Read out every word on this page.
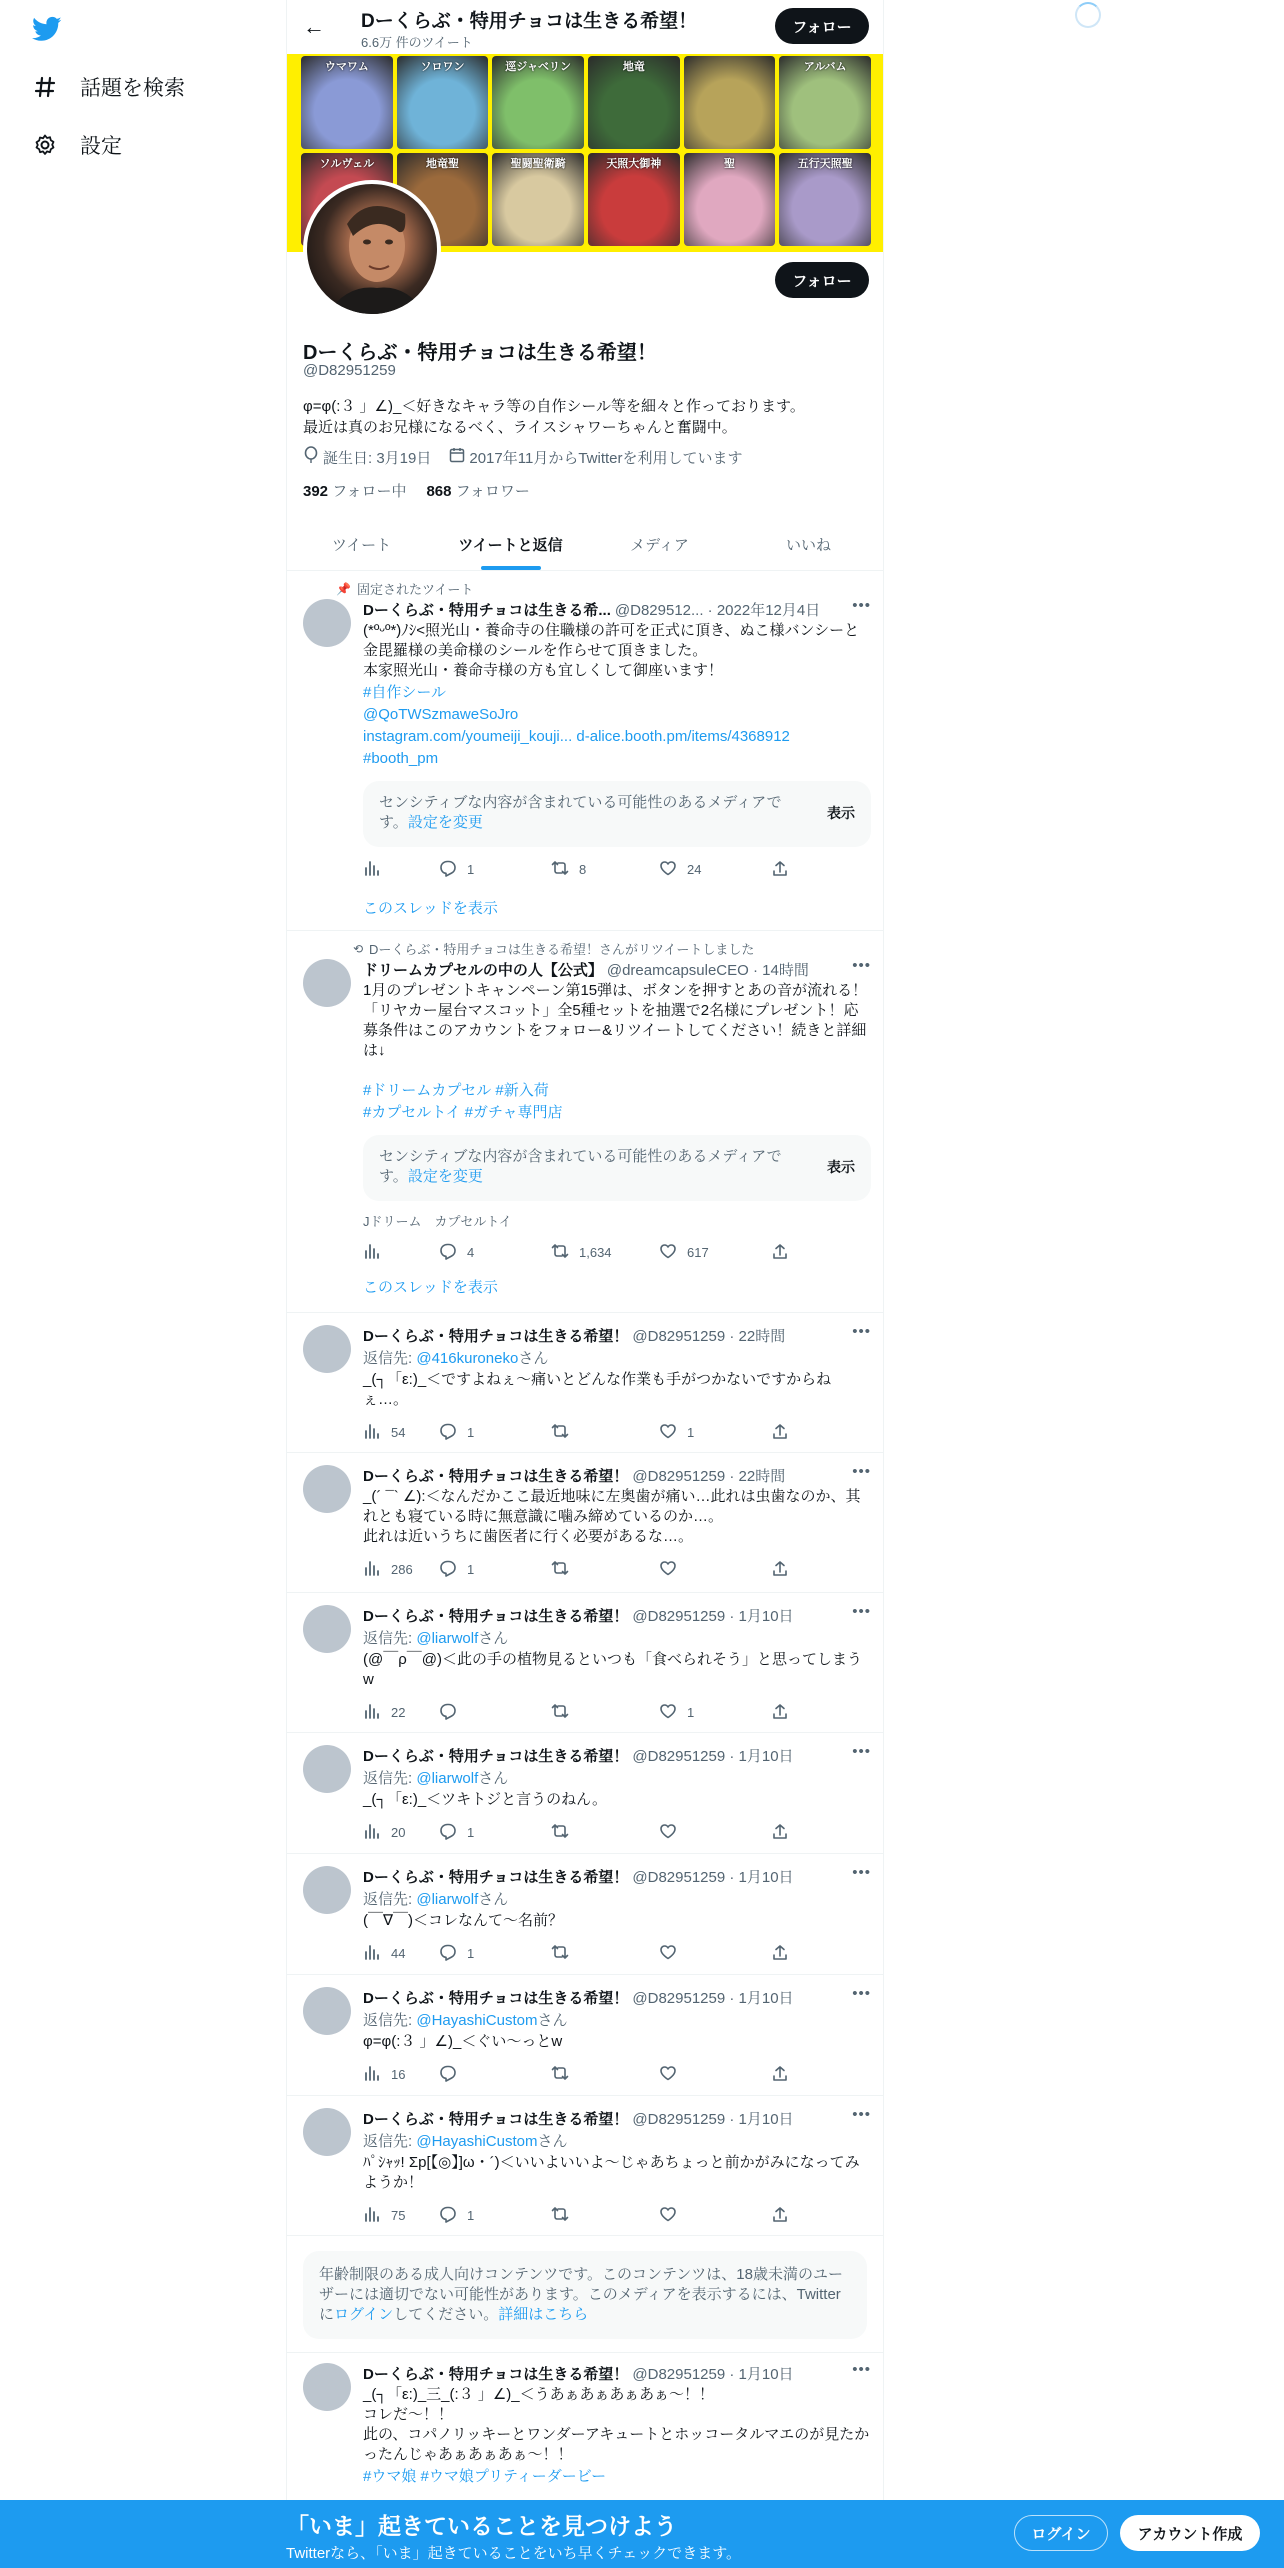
話題を検索
設定
← Dーくらぶ・特用チョコは生きる希望！
6.6万 件のツイート
フォロー
ウマワム	ソロワン	逕ジャベリン	地竜	アルバム
ソルヴェル	地竜聖	聖闘聖衛騎	天照大御神	聖	五行天照聖
フォロー
Dーくらぶ・特用チョコは生きる希望！
@D82951259
φ=φ(:３ 」∠)_＜好きなキャラ等の自作シール等を細々と作っております。
最近は真のお兄様になるべく、ライスシャワーちゃんと奮闘中。
誕生日: 3月19日	2017年11月からTwitterを利用しています
392 フォロー中 868 フォロワー
ツイート	ツイートと返信	メディア	いいね
📌 固定されたツイート
Dーくらぶ・特用チョコは生きる希... @D829512... · 2022年12月4日 •••
(*ºᵕº*)ﾉｼ<照光山・養命寺の住職様の許可を正式に頂き、ぬこ様バンシーと金毘羅様の美命様のシールを作らせて頂きました。
本家照光山・養命寺様の方も宜しくして御座います！
#自作シール
@QoTWSzmaweSoJro
instagram.com/youmeiji_kouji... d-alice.booth.pm/items/4368912
#booth_pm
センシティブな内容が含まれている可能性のあるメディアです。設定を変更
表示
1	8	24
このスレッドを表示
⟲ Dーくらぶ・特用チョコは生きる希望！さんがリツイートしました
ドリームカプセルの中の人【公式】 @dreamcapsuleCEO · 14時間	•••
1月のプレゼントキャンペーン第15弾は、ボタンを押すとあの音が流れる！「リヤカー屋台マスコット」全5種セットを抽選で2名様にプレゼント！応募条件はこのアカウントをフォロー&リツイートしてください！続きと詳細は↓
#ドリームカプセル #新入荷
#カプセルトイ #ガチャ専門店
センシティブな内容が含まれている可能性のあるメディアです。設定を変更
表示
Jドリーム　カプセルトイ
4	1,634	617
このスレッドを表示
Dーくらぶ・特用チョコは生きる希望！ @D82951259 · 22時間	•••
返信先: @416kuronekoさん
_(┐「ε:)_＜ですよねぇ〜痛いとどんな作業も手がつかないですからねぇ…。
54	1	1
Dーくらぶ・特用チョコは生きる希望！ @D82951259 · 22時間	•••
_(´ ¯` ∠):＜なんだかここ最近地味に左奥歯が痛い…此れは虫歯なのか、其れとも寝ている時に無意識に噛み締めているのか…。
此れは近いうちに歯医者に行く必要があるな…。
286	1
Dーくらぶ・特用チョコは生きる希望！ @D82951259 · 1月10日	•••
返信先: @liarwolfさん
(@￣ρ￣@)＜此の手の植物見るといつも「食べられそう」と思ってしまうw
22	1
Dーくらぶ・特用チョコは生きる希望！ @D82951259 · 1月10日	•••
返信先: @liarwolfさん
_(┐「ε:)_＜ツキトジと言うのねん。
20	1
Dーくらぶ・特用チョコは生きる希望！ @D82951259 · 1月10日	•••
返信先: @liarwolfさん
(￣∇￣)＜コレなんて～名前？
44	1
Dーくらぶ・特用チョコは生きる希望！ @D82951259 · 1月10日	•••
返信先: @HayashiCustomさん
φ=φ(:３ 」∠)_＜ぐい～っとw
16
Dーくらぶ・特用チョコは生きる希望！ @D82951259 · 1月10日	•••
返信先: @HayashiCustomさん
ﾊﾟｼｬｯ! Σp[【◎】]ω・´)＜いいよいいよ～じゃあちょっと前かがみになってみようか！
75	1
年齢制限のある成人向けコンテンツです。このコンテンツは、18歳未満のユーザーには適切でない可能性があります。このメディアを表示するには、Twitterにログインしてください。詳細はこちら
Dーくらぶ・特用チョコは生きる希望！ @D82951259 · 1月10日	•••
_(┐「ε:)_三_(:３ 」∠)_＜うあぁあぁあぁあぁ〜！！
コレだ〜！！
此の、コパノリッキーとワンダーアキュートとホッコータルマエのが見たかったんじゃあぁあぁあぁ〜！！
#ウマ娘 #ウマ娘プリティーダービー
「いま」起きていることを見つけよう
Twitterなら、「いま」起きていることをいち早くチェックできます。
ログイン	アカウント作成
